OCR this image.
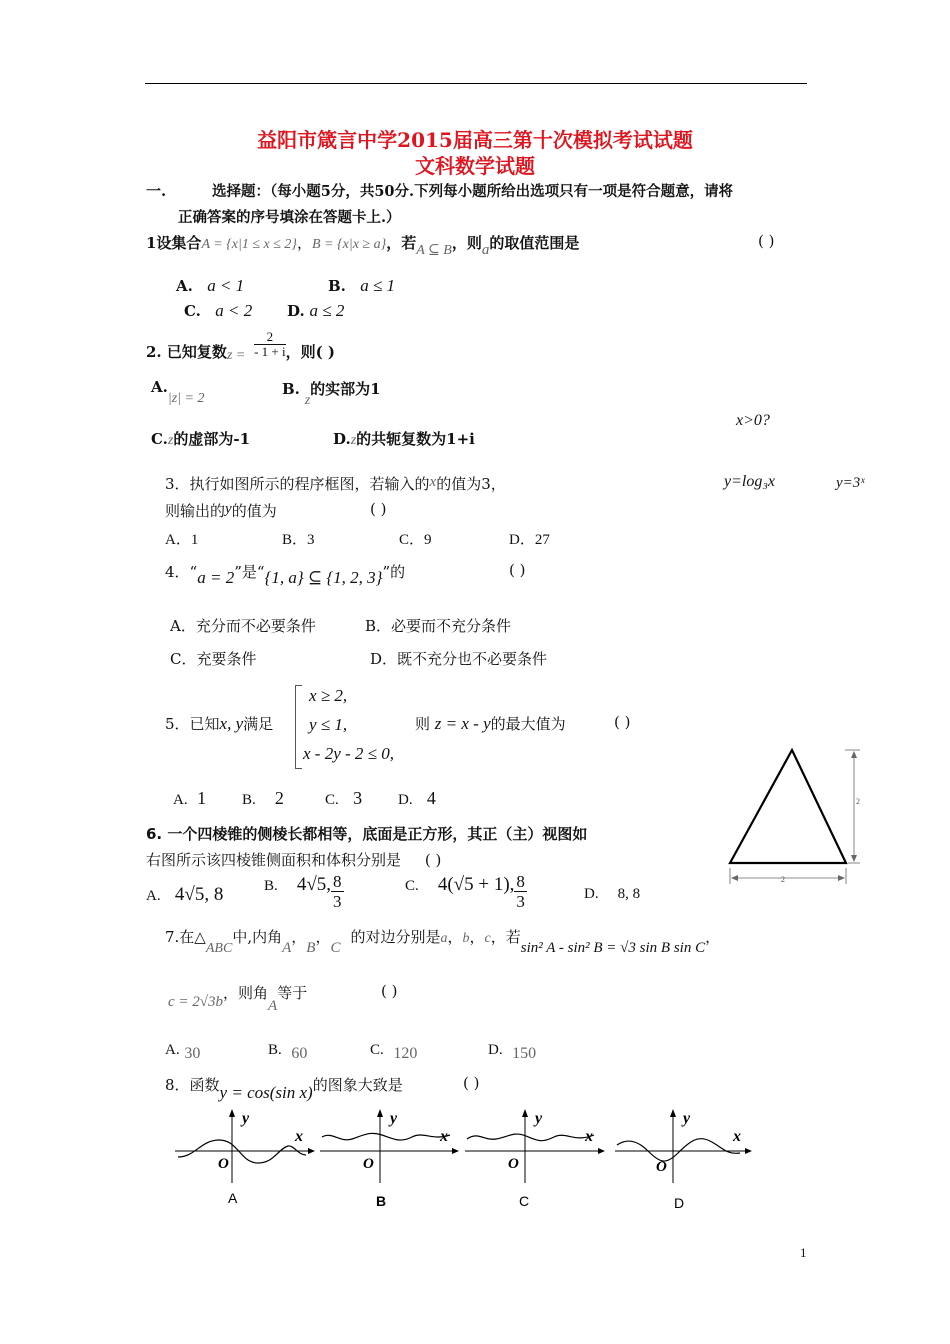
益阳市箴言中学2015届高三第十次模拟考试试题
文科数学试题
一.	选择题：（每小题5分，共50分.下列每小题所给出选项只有一项是符合题意，请将
正确答案的序号填涂在答题卡上.）
1设集合A = {x|1 ≤ x ≤ 2}，B = {x|x ≥ a}，若A ⊆ B，则a的取值范围是	( )
A. a < 1	B. a ≤ 1
C. a < 2 D. a ≤ 2
2. 已知复数$z = \frac{2}{- 1 + i}$ ，则( )
A.|z| = 2
B. z的实部为1
C.z的虚部为-1	D.z的共轭复数为1+i
x>0?
y=log₃x	y=3ˣ
3．执行如图所示的程序框图，若输入的x的值为3，
则输出的y的值为	( )
A．1	B．3	C．9	D．27
4．“a = 2”是“{1, a} ⊆ {1, 2, 3}”的	( )
A．充分而不必要条件	B．必要而不充分条件
C．充要条件	D．既不充分也不必要条件
5．已知x, y满足
x ≥ 2,
y ≤ 1,
x - 2y - 2 ≤ 0,
则 z = x - y的最大值为	( )
A. 1 B. 2	C. 3 D. 4	2
2
6. 一个四棱锥的侧棱长都相等，底面是正方形，其正（主）视图如
右图所示该四棱锥侧面积和体积分别是 ( )
A. 4√5, 8	B. 4√5, $\frac{8}{3}$	C. 4(√5 + 1), $\frac{8}{3}$	D. 8, 8
7.在△ABC中,内角A，B，C的对边分别是a，b，c，若sin² A - sin² B = √3 sin B sin C，
c = 2√3b，则角A等于	( )
A. 30	B. 60	C. 120	D. 150
8．函数y = cos(sin x)的图象大致是	( )
y
x
O
A
y
x
O
B
y
x
O
C
y
x
O
D
1
